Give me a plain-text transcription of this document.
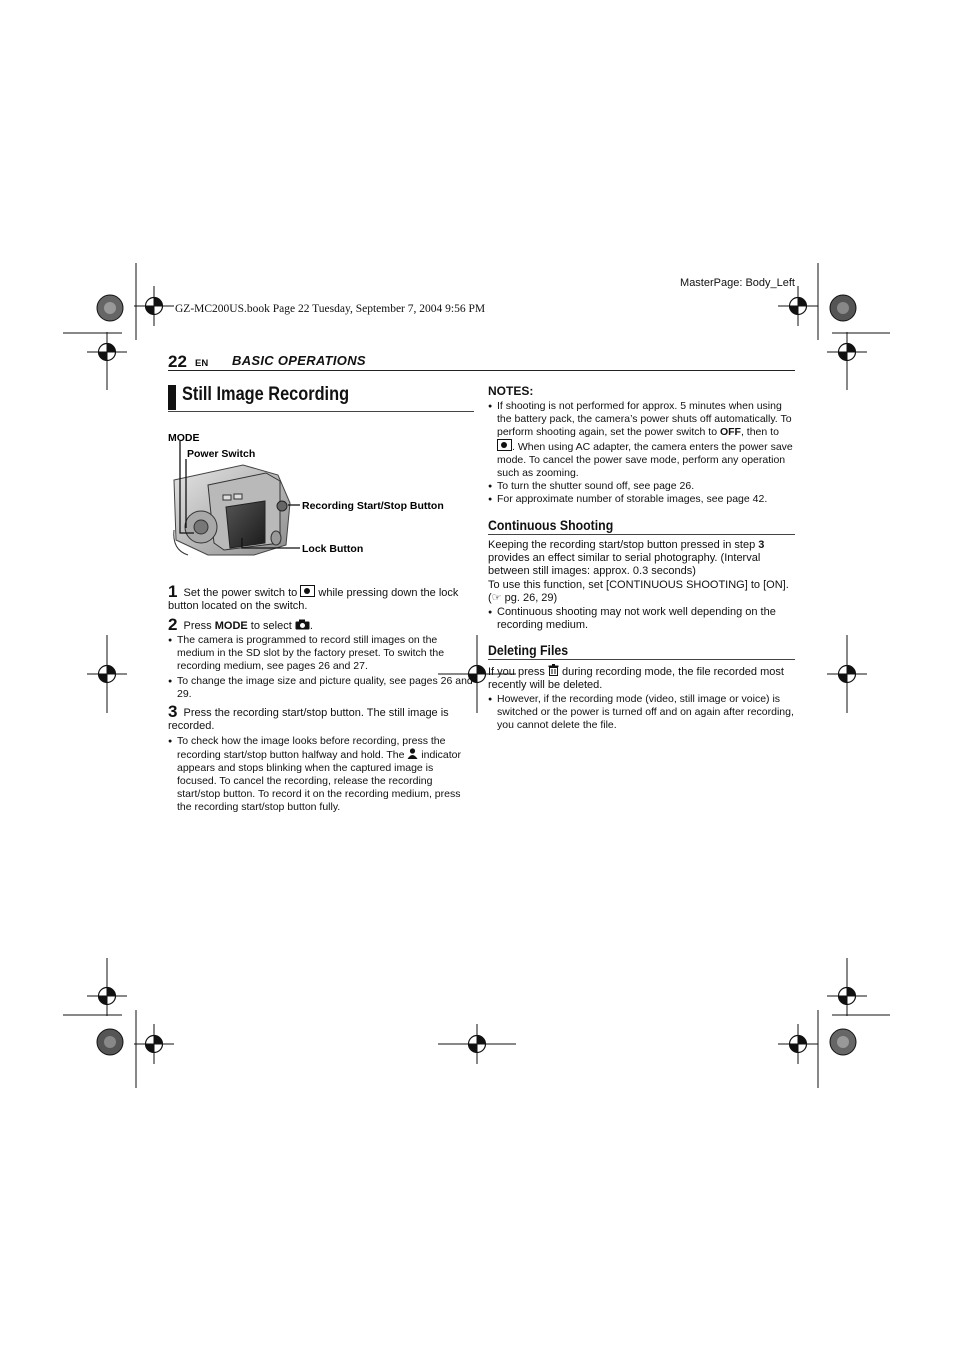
MasterPage: Body_Left
GZ-MC200US.book Page 22 Tuesday, September 7, 2004 9:56 PM
22 EN BASIC OPERATIONS
Still Image Recording
MODE
Power Switch
Recording Start/Stop Button
Lock Button
1 Set the power switch to while pressing down the lock button located on the switch.
2 Press MODE to select .
● The camera is programmed to record still images on the medium in the SD slot by the factory preset. To switch the recording medium, see pages 26 and 27.
● To change the image size and picture quality, see pages 26 and 29.
3 Press the recording start/stop button. The still image is recorded.
● To check how the image looks before recording, press the recording start/stop button halfway and hold. The indicator appears and stops blinking when the captured image is focused. To cancel the recording, release the recording start/stop button. To record it on the recording medium, press the recording start/stop button fully.
NOTES:
● If shooting is not performed for approx. 5 minutes when using the battery pack, the camera’s power shuts off automatically. To perform shooting again, set the power switch to OFF, then to . When using AC adapter, the camera enters the power save mode. To cancel the power save mode, perform any operation such as zooming.
● To turn the shutter sound off, see page 26.
● For approximate number of storable images, see page 42.
Continuous Shooting
Keeping the recording start/stop button pressed in step 3 provides an effect similar to serial photography. (Interval between still images: approx. 0.3 seconds)
To use this function, set [CONTINUOUS SHOOTING] to [ON]. (☞ pg. 26, 29)
● Continuous shooting may not work well depending on the recording medium.
Deleting Files
If you press during recording mode, the file recorded most recently will be deleted.
● However, if the recording mode (video, still image or voice) is switched or the power is turned off and on again after recording, you cannot delete the file.
